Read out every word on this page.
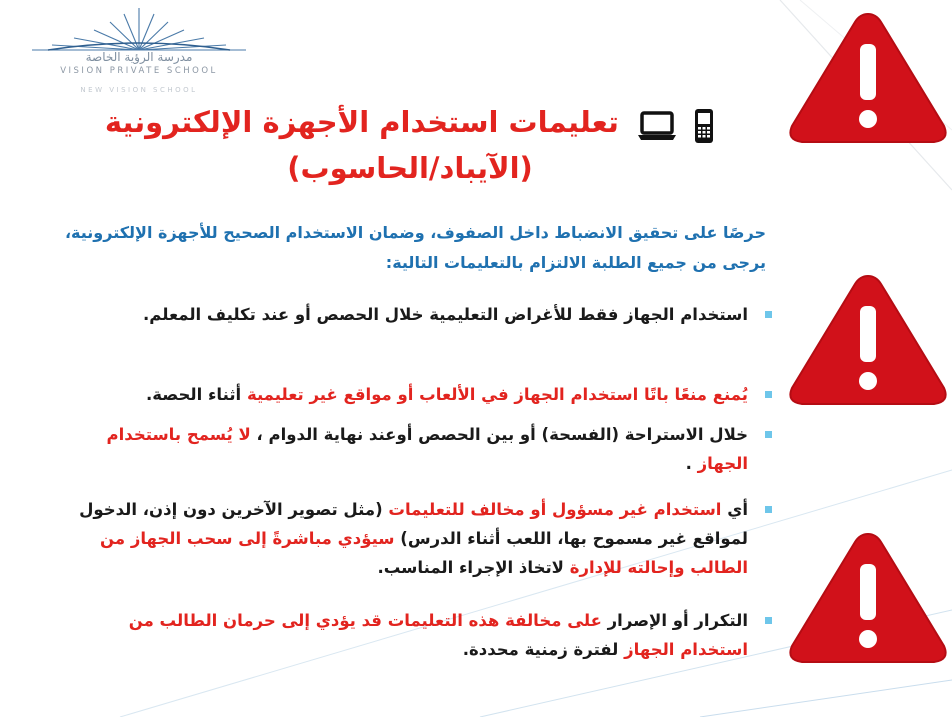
مدرسة الرؤية الخاصة
VISION PRIVATE SCHOOL
NEW VISION SCHOOL
تعليمات استخدام الأجهزة الإلكترونية
(الآيباد/الحاسوب)
حرصًا على تحقيق الانضباط داخل الصفوف، وضمان الاستخدام الصحيح للأجهزة الإلكترونية، يرجى من جميع الطلبة الالتزام بالتعليمات التالية:
استخدام الجهاز فقط للأغراض التعليمية خلال الحصص أو عند تكليف المعلم.
يُمنع منعًا باتًا استخدام الجهاز في الألعاب أو مواقع غير تعليمية أثناء الحصة.
خلال الاستراحة (الفسحة) أو بين الحصص أوعند نهاية الدوام ، لا يُسمح باستخدام الجهاز .
أي استخدام غير مسؤول أو مخالف للتعليمات (مثل تصوير الآخرين دون إذن، الدخول لمواقع غير مسموح بها، اللعب أثناء الدرس) سيؤدي مباشرةً إلى سحب الجهاز من الطالب وإحالته للإدارة لاتخاذ الإجراء المناسب.
التكرار أو الإصرار على مخالفة هذه التعليمات قد يؤدي إلى حرمان الطالب من استخدام الجهاز لفترة زمنية محددة.
